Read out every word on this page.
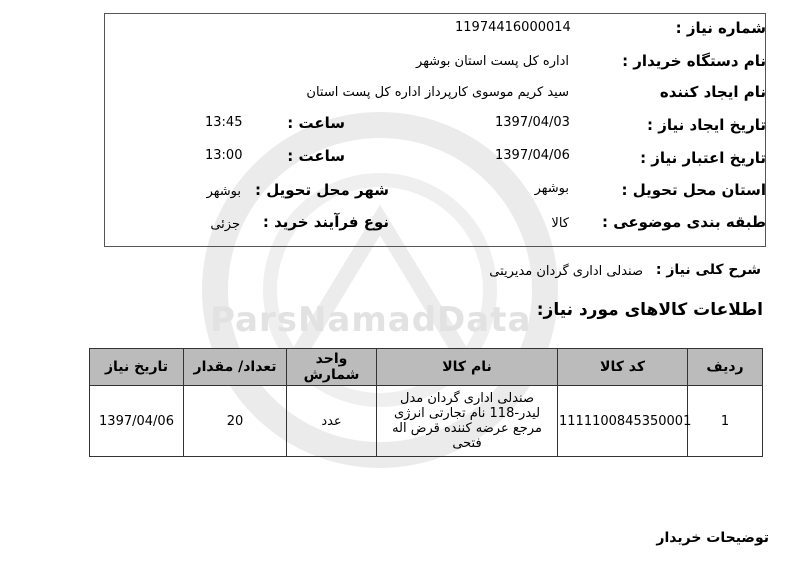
ParsNamadData
شماره نیاز :
11974416000014
نام دستگاه خریدار :
اداره کل پست استان بوشهر
نام ایجاد کننده
سید کریم موسوی کارپرداز اداره کل پست استان
تاریخ ایجاد نیاز :
1397/04/03
ساعت :
13:45
تاریخ اعتبار نیاز :
1397/04/06
ساعت :
13:00
استان محل تحویل :
بوشهر
شهر محل تحویل :
بوشهر
طبقه بندی موضوعی :
کالا
نوع فرآیند خرید :
جزئی
شرح کلی نیاز :
صندلی اداری گردان مدیریتی
اطلاعات کالاهای مورد نیاز:
ردیف	کد کالا	نام کالا	واحد شمارش	تعداد/ مقدار	تاریخ نیاز
1	1111100845350001	صندلی اداری گردان مدل لیدر-118 نام تجارتی انرژی مرجع عرضه کننده قرض اله فتحی	عدد	20	1397/04/06
توضیحات خریدار
